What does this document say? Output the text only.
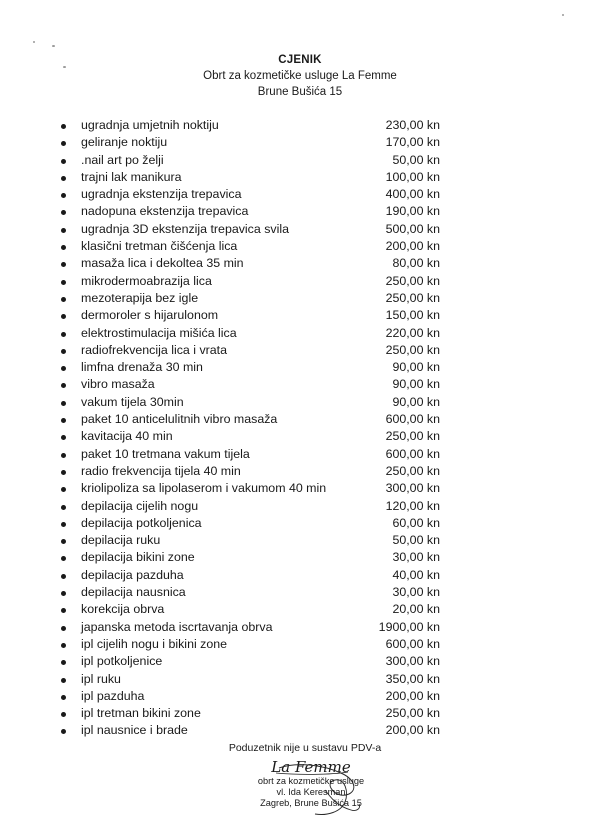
CJENIK
Obrt za kozmetičke usluge La Femme
Brune Bušića 15
ugradnja umjetnih noktiju	230,00 kn
geliranje noktiju	170,00 kn
.nail art po želji	50,00 kn
trajni lak manikura	100,00 kn
ugradnja ekstenzija trepavica	400,00 kn
nadopuna ekstenzija trepavica	190,00 kn
ugradnja 3D ekstenzija trepavica svila	500,00 kn
klasični tretman čišćenja lica	200,00 kn
masaža lica i dekoltea 35 min	80,00 kn
mikrodermoabrazija lica	250,00 kn
mezoterapija bez igle	250,00 kn
dermoroler s hijarulonom	150,00 kn
elektrostimulacija mišića lica	220,00 kn
radiofrekvencija lica i vrata	250,00 kn
limfna drenaža 30 min	90,00 kn
vibro masaža	90,00 kn
vakum tijela 30min	90,00 kn
paket 10 anticelulitnih vibro masaža	600,00 kn
kavitacija 40 min	250,00 kn
paket 10 tretmana vakum tijela	600,00 kn
radio frekvencija tijela 40 min	250,00 kn
kriolipoliza sa lipolaserom i vakumom 40 min	300,00 kn
depilacija cijelih nogu	120,00 kn
depilacija potkoljenica	60,00 kn
depilacija ruku	50,00 kn
depilacija bikini zone	30,00 kn
depilacija pazduha	40,00 kn
depilacija nausnica	30,00 kn
korekcija obrva	20,00 kn
japanska metoda iscrtavanja obrva	1900,00 kn
ipl cijelih nogu i bikini zone	600,00 kn
ipl potkoljenice	300,00 kn
ipl ruku	350,00 kn
ipl pazduha	200,00 kn
ipl tretman bikini zone	250,00 kn
ipl nausnice i brade	200,00 kn
Poduzetnik nije u sustavu PDV-a
La Femme
obrt za kozmetičke usluge
vl. Ida Keresman
Zagreb, Brune Bušića 15
